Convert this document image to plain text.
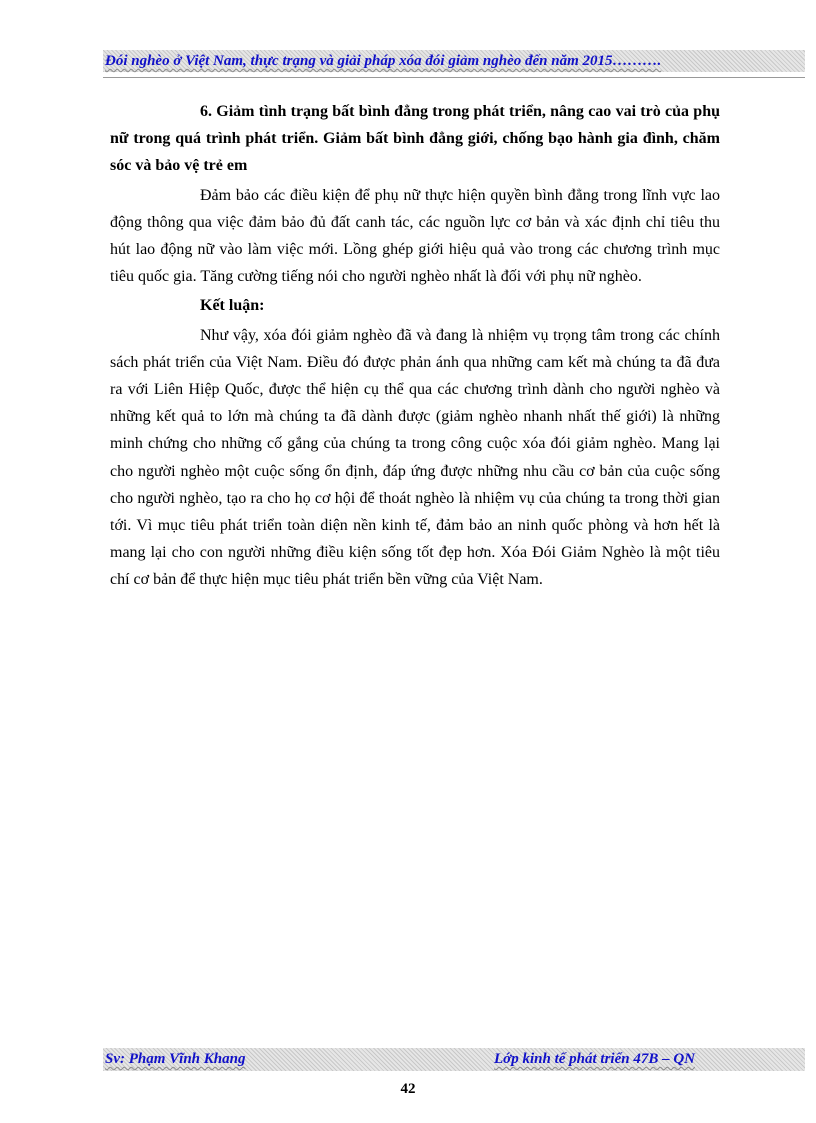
Đói nghèo ở Việt Nam, thực trạng và giải pháp xóa đói giảm nghèo đến năm 2015……….

6. Giảm tình trạng bất bình đẳng trong phát triển, nâng cao vai trò của phụ nữ trong quá trình phát triển. Giảm bất bình đẳng giới, chống bạo hành gia đình, chăm sóc và bảo vệ trẻ em

Đảm bảo các điều kiện để phụ nữ thực hiện quyền bình đẳng trong lĩnh vực lao động thông qua việc đảm bảo đủ đất canh tác, các nguồn lực cơ bản và xác định chỉ tiêu thu hút lao động nữ vào làm việc mới. Lồng ghép giới hiệu quả vào trong các chương trình mục tiêu quốc gia. Tăng cường tiếng nói cho người nghèo nhất là đối với phụ nữ nghèo.

Kết luận:

Như vậy, xóa đói giảm nghèo đã và đang là nhiệm vụ trọng tâm trong các chính sách phát triển của Việt Nam. Điều đó được phản ánh qua những cam kết mà chúng ta đã đưa ra với Liên Hiệp Quốc, được thể hiện cụ thể qua các chương trình dành cho người nghèo và những kết quả to lớn mà chúng ta đã dành được (giảm nghèo nhanh nhất thế giới) là những minh chứng cho những cố gắng của chúng ta trong công cuộc xóa đói giảm nghèo. Mang lại cho người nghèo một cuộc sống ổn định, đáp ứng được những nhu cầu cơ bản của cuộc sống cho người nghèo, tạo ra cho họ cơ hội để thoát nghèo là nhiệm vụ của chúng ta trong thời gian tới. Vì mục tiêu phát triển toàn diện nền kinh tế, đảm bảo an ninh quốc phòng và hơn hết là mang lại cho con người những điều kiện sống tốt đẹp hơn. Xóa Đói Giảm Nghèo là một tiêu chí cơ bản để thực hiện mục tiêu phát triển bền vững của Việt Nam.

Sv: Phạm Vĩnh Khang	Lớp kinh tế phát triển 47B – QN
42
